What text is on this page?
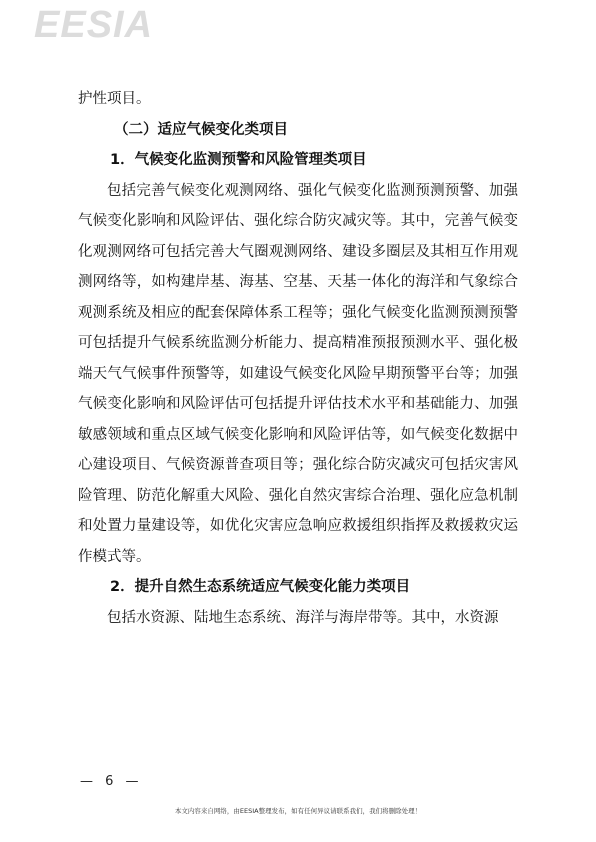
EESIA

护性项目。

（二）适应气候变化类项目

1．气候变化监测预警和风险管理类项目

包括完善气候变化观测网络、强化气候变化监测预测预警、加强气候变化影响和风险评估、强化综合防灾减灾等。其中，完善气候变化观测网络可包括完善大气圈观测网络、建设多圈层及其相互作用观测网络等，如构建岸基、海基、空基、天基一体化的海洋和气象综合观测系统及相应的配套保障体系工程等；强化气候变化监测预测预警可包括提升气候系统监测分析能力、提高精准预报预测水平、强化极端天气气候事件预警等，如建设气候变化风险早期预警平台等；加强气候变化影响和风险评估可包括提升评估技术水平和基础能力、加强敏感领域和重点区域气候变化影响和风险评估等，如气候变化数据中心建设项目、气候资源普查项目等；强化综合防灾减灾可包括灾害风险管理、防范化解重大风险、强化自然灾害综合治理、强化应急机制和处置力量建设等，如优化灾害应急响应救援组织指挥及救援救灾运作模式等。

2．提升自然生态系统适应气候变化能力类项目

包括水资源、陆地生态系统、海洋与海岸带等。其中，水资源

— 6 —
本文内容来自网络，由EESIA整理发布，如有任何异议请联系我们，我们将删除处理！
